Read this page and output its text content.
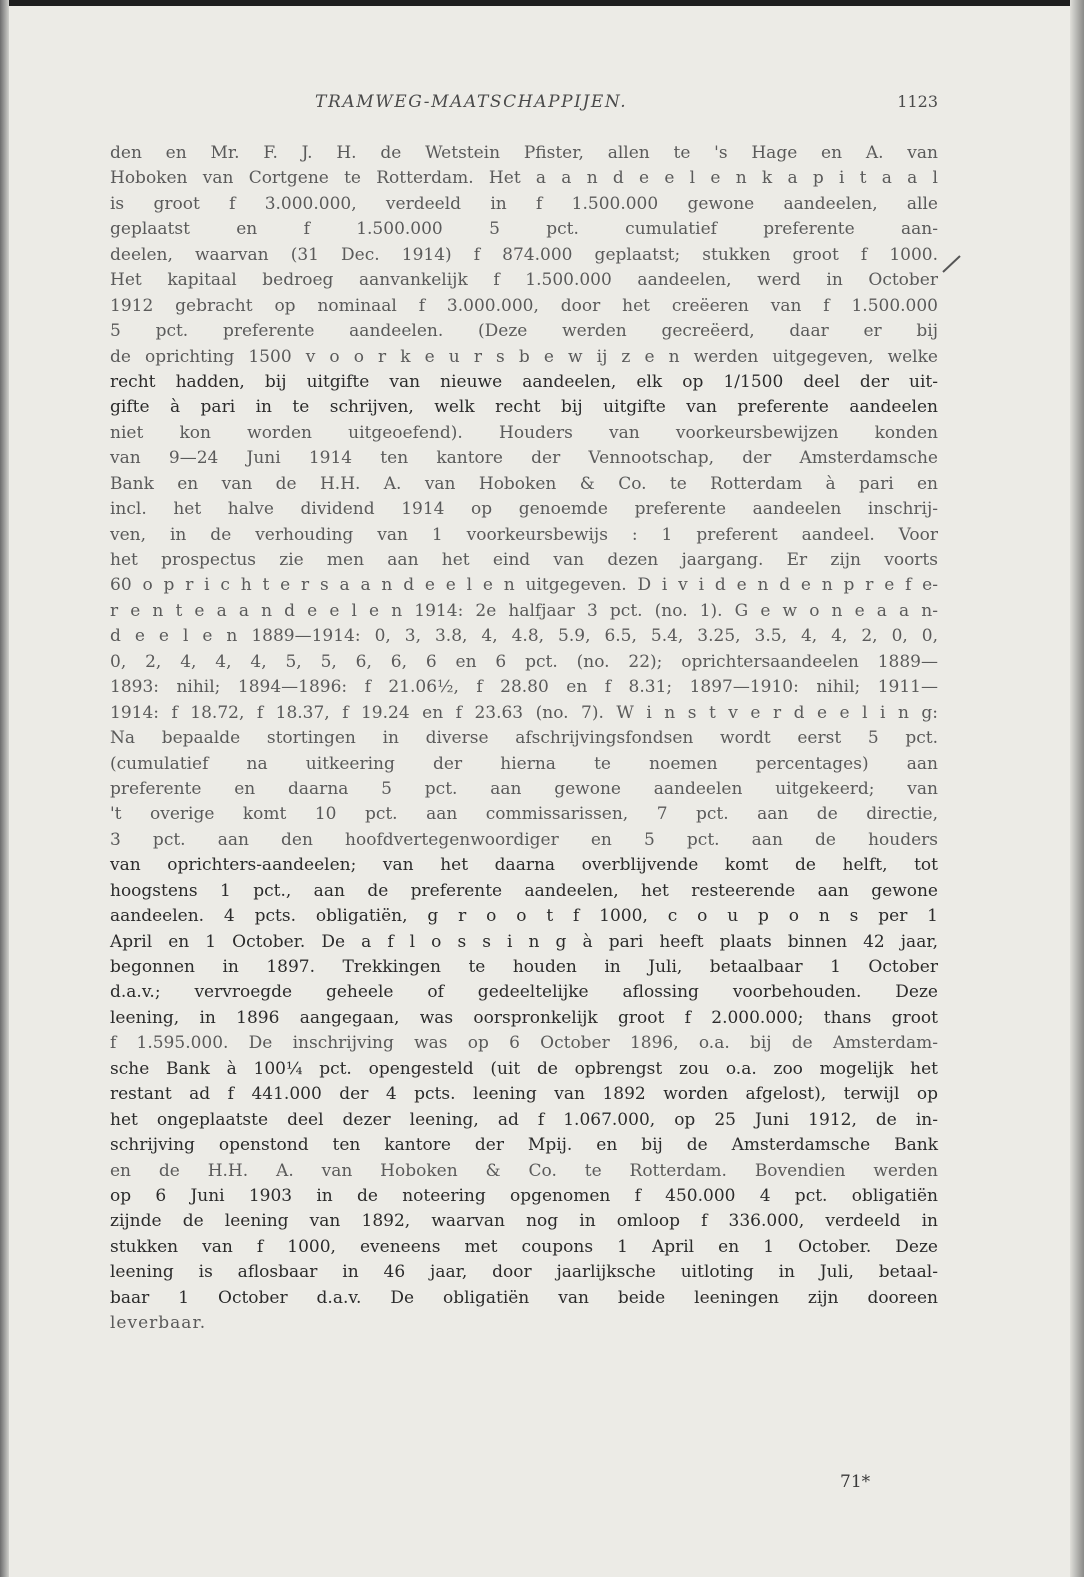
TRAMWEG-MAATSCHAPPIJEN.	1123
den en Mr. F. J. H. de Wetstein Pfister, allen te 's Hage en A. van
Hoboken van Cortgene te Rotterdam. Het a a n d e e l e n k a p i t a a l
is groot f 3.000.000, verdeeld in f 1.500.000 gewone aandeelen, alle
geplaatst en f 1.500.000 5 pct. cumulatief preferente aan-
deelen, waarvan (31 Dec. 1914) f 874.000 geplaatst; stukken groot f 1000.
Het kapitaal bedroeg aanvankelijk f 1.500.000 aandeelen, werd in October
1912 gebracht op nominaal f 3.000.000, door het creëeren van f 1.500.000
5 pct. preferente aandeelen. (Deze werden gecreëerd, daar er bij
de oprichting 1500 v o o r k e u r s b e w ij z e n werden uitgegeven, welke
recht hadden, bij uitgifte van nieuwe aandeelen, elk op 1/1500 deel der uit-
gifte à pari in te schrijven, welk recht bij uitgifte van preferente aandeelen
niet kon worden uitgeoefend). Houders van voorkeursbewijzen konden
van 9—24 Juni 1914 ten kantore der Vennootschap, der Amsterdamsche
Bank en van de H.H. A. van Hoboken & Co. te Rotterdam à pari en
incl. het halve dividend 1914 op genoemde preferente aandeelen inschrij-
ven, in de verhouding van 1 voorkeursbewijs : 1 preferent aandeel. Voor
het prospectus zie men aan het eind van dezen jaargang. Er zijn voorts
60 o p r i c h t e r s a a n d e e l e n uitgegeven. D i v i d e n d e n p r e f e-
r e n t e a a n d e e l e n 1914: 2e halfjaar 3 pct. (no. 1). G e w o n e a a n-
d e e l e n 1889—1914: 0, 3, 3.8, 4, 4.8, 5.9, 6.5, 5.4, 3.25, 3.5, 4, 4, 2, 0, 0,
0, 2, 4, 4, 4, 5, 5, 6, 6, 6 en 6 pct. (no. 22); oprichtersaandeelen 1889—
1893: nihil; 1894—1896: f 21.06½, f 28.80 en f 8.31; 1897—1910: nihil; 1911—
1914: f 18.72, f 18.37, f 19.24 en f 23.63 (no. 7). W i n s t v e r d e e l i n g:
Na bepaalde stortingen in diverse afschrijvingsfondsen wordt eerst 5 pct.
(cumulatief na uitkeering der hierna te noemen percentages) aan
preferente en daarna 5 pct. aan gewone aandeelen uitgekeerd; van
't overige komt 10 pct. aan commissarissen, 7 pct. aan de directie,
3 pct. aan den hoofdvertegenwoordiger en 5 pct. aan de houders
van oprichters-aandeelen; van het daarna overblijvende komt de helft, tot
hoogstens 1 pct., aan de preferente aandeelen, het resteerende aan gewone
aandeelen. 4 pcts. obligatiën, g r o o t f 1000, c o u p o n s per 1
April en 1 October. De a f l o s s i n g à pari heeft plaats binnen 42 jaar,
begonnen in 1897. Trekkingen te houden in Juli, betaalbaar 1 October
d.a.v.; vervroegde geheele of gedeeltelijke aflossing voorbehouden. Deze
leening, in 1896 aangegaan, was oorspronkelijk groot f 2.000.000; thans groot
f 1.595.000. De inschrijving was op 6 October 1896, o.a. bij de Amsterdam-
sche Bank à 100¼ pct. opengesteld (uit de opbrengst zou o.a. zoo mogelijk het
restant ad f 441.000 der 4 pcts. leening van 1892 worden afgelost), terwijl op
het ongeplaatste deel dezer leening, ad f 1.067.000, op 25 Juni 1912, de in-
schrijving openstond ten kantore der Mpij. en bij de Amsterdamsche Bank
en de H.H. A. van Hoboken & Co. te Rotterdam. Bovendien werden
op 6 Juni 1903 in de noteering opgenomen f 450.000 4 pct. obligatiën
zijnde de leening van 1892, waarvan nog in omloop f 336.000, verdeeld in
stukken van f 1000, eveneens met coupons 1 April en 1 October. Deze
leening is aflosbaar in 46 jaar, door jaarlijksche uitloting in Juli, betaal-
baar 1 October d.a.v. De obligatiën van beide leeningen zijn dooreen
leverbaar.
71*
